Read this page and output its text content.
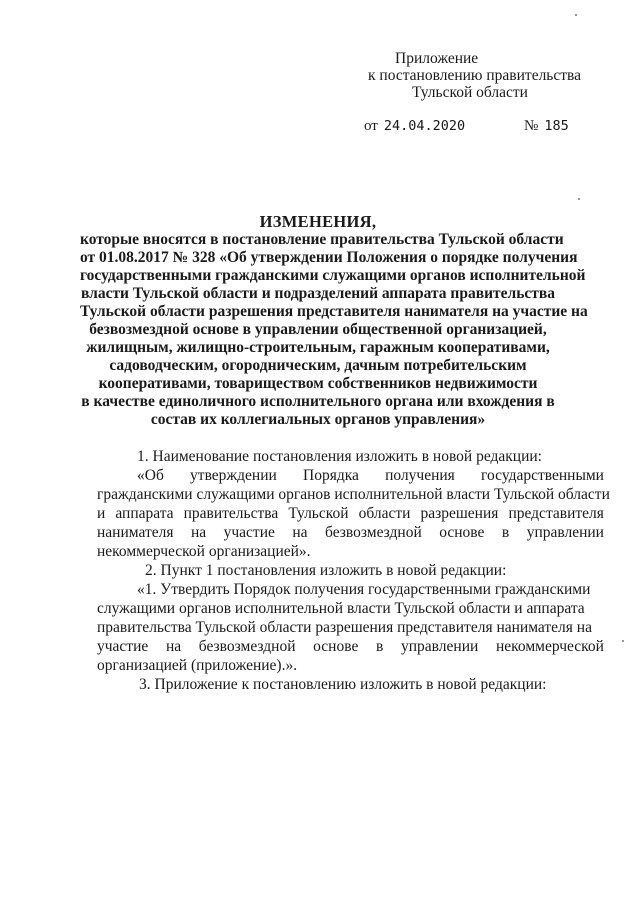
Приложение
к постановлению правительства
Тульской области
от 24.04.2020	№ 185
ИЗМЕНЕНИЯ,
которые вносятся в постановление правительства Тульской области
от 01.08.2017 № 328 «Об утверждении Положения о порядке получения
государственными гражданскими служащими органов исполнительной
власти Тульской области и подразделений аппарата правительства
Тульской области разрешения представителя нанимателя на участие на
безвозмездной основе в управлении общественной организацией,
жилищным, жилищно-строительным, гаражным кооперативами,
садоводческим, огородническим, дачным потребительским
кооперативами, товариществом собственников недвижимости
в качестве единоличного исполнительного органа или вхождения в
состав их коллегиальных органов управления»
1. Наименование постановления изложить в новой редакции:
«Об утверждении Порядка получения государственными
гражданскими служащими органов исполнительной власти Тульской области
и аппарата правительства Тульской области разрешения представителя
нанимателя на участие на безвозмездной основе в управлении
некоммерческой организацией».
2. Пункт 1 постановления изложить в новой редакции:
«1. Утвердить Порядок получения государственными гражданскими
служащими органов исполнительной власти Тульской области и аппарата
правительства Тульской области разрешения представителя нанимателя на
участие на безвозмездной основе в управлении некоммерческой
организацией (приложение).».
3. Приложение к постановлению изложить в новой редакции:
